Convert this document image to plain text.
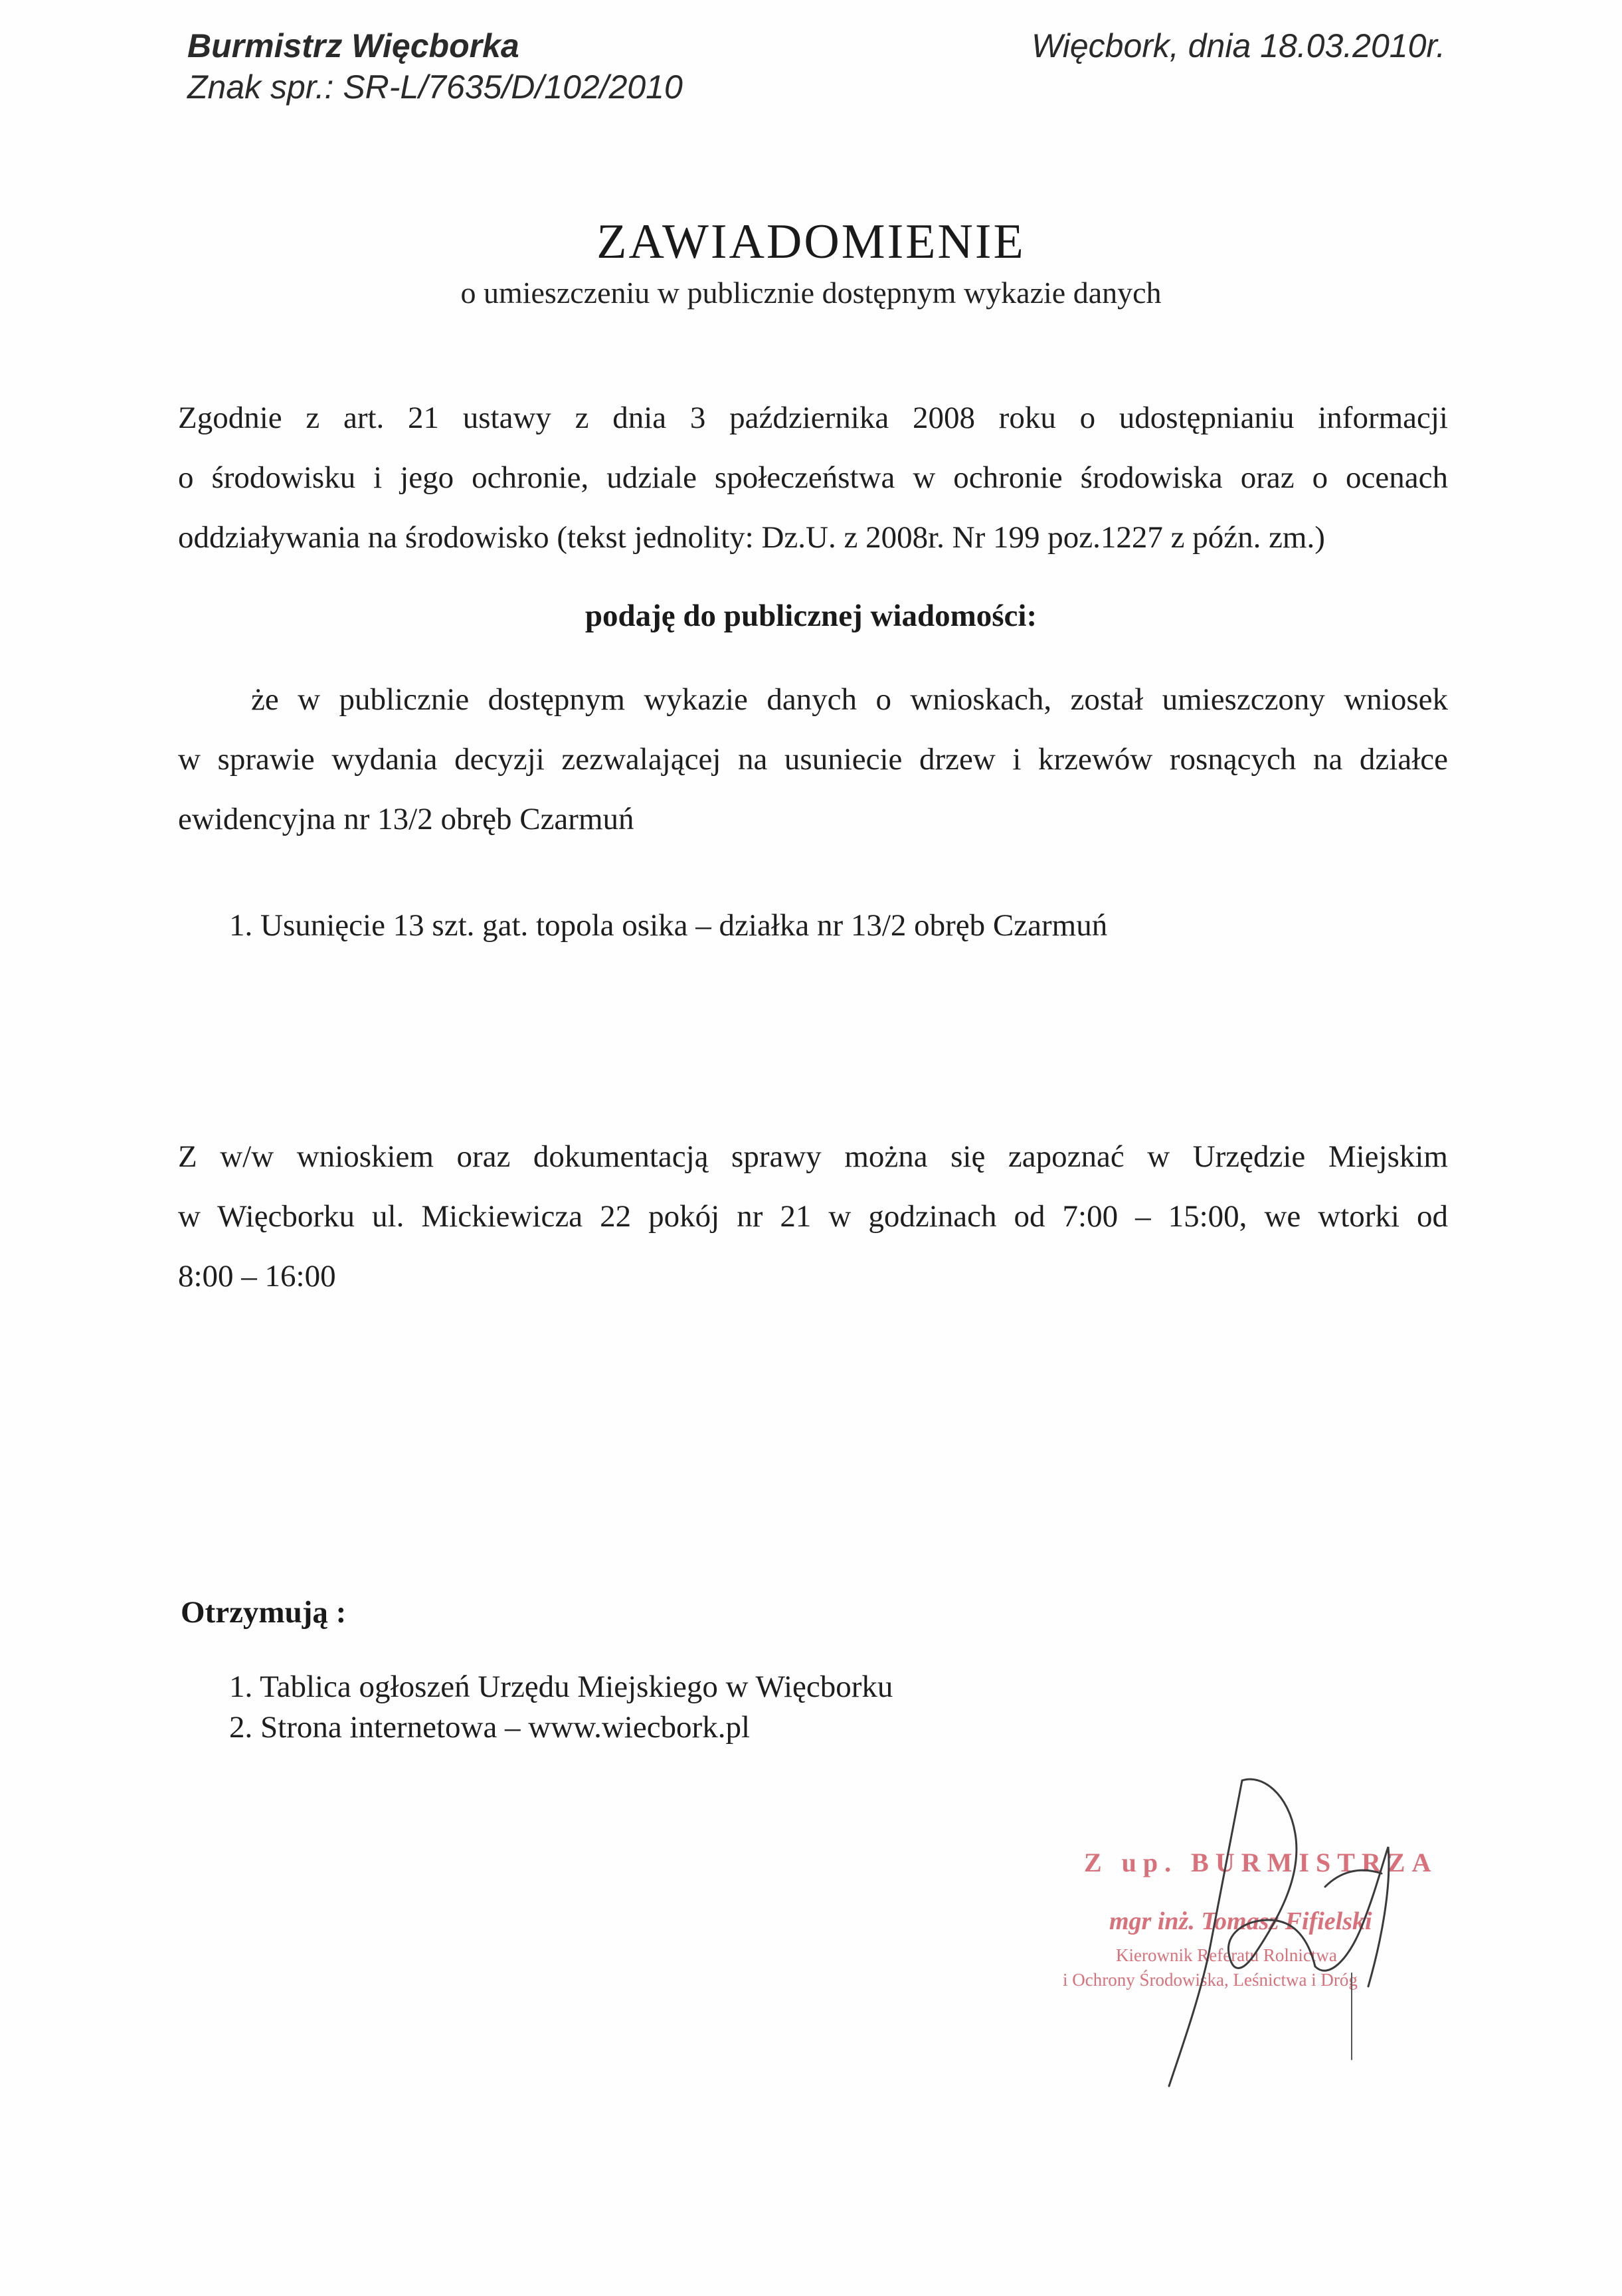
Burmistrz Więcborka
Znak spr.: SR-L/7635/D/102/2010
Więcbork, dnia 18.03.2010r.
ZAWIADOMIENIE
o umieszczeniu w publicznie dostępnym wykazie danych
Zgodnie z art. 21 ustawy z dnia 3 października 2008 roku o udostępnianiu informacji
o środowisku i jego ochronie, udziale społeczeństwa w ochronie środowiska oraz o ocenach
oddziaływania na środowisko (tekst jednolity: Dz.U. z 2008r. Nr 199 poz.1227 z późn. zm.)
podaję do publicznej wiadomości:
że w publicznie dostępnym wykazie danych o wnioskach, został umieszczony wniosek
w sprawie wydania decyzji zezwalającej na usuniecie drzew i krzewów rosnących na działce
ewidencyjna nr 13/2 obręb Czarmuń
1. Usunięcie 13 szt. gat. topola osika – działka nr 13/2 obręb Czarmuń
Z w/w wnioskiem oraz dokumentacją sprawy można się zapoznać w Urzędzie Miejskim
w Więcborku ul. Mickiewicza 22 pokój nr 21 w godzinach od 7:00 – 15:00, we wtorki od
8:00 – 16:00
Otrzymują :
1. Tablica ogłoszeń Urzędu Miejskiego w Więcborku
2. Strona internetowa – www.wiecbork.pl
Z up. BURMISTRZA
mgr inż. Tomasz Fifielski
Kierownik Referatu Rolnictwa
i Ochrony Środowiska, Leśnictwa i Dróg
